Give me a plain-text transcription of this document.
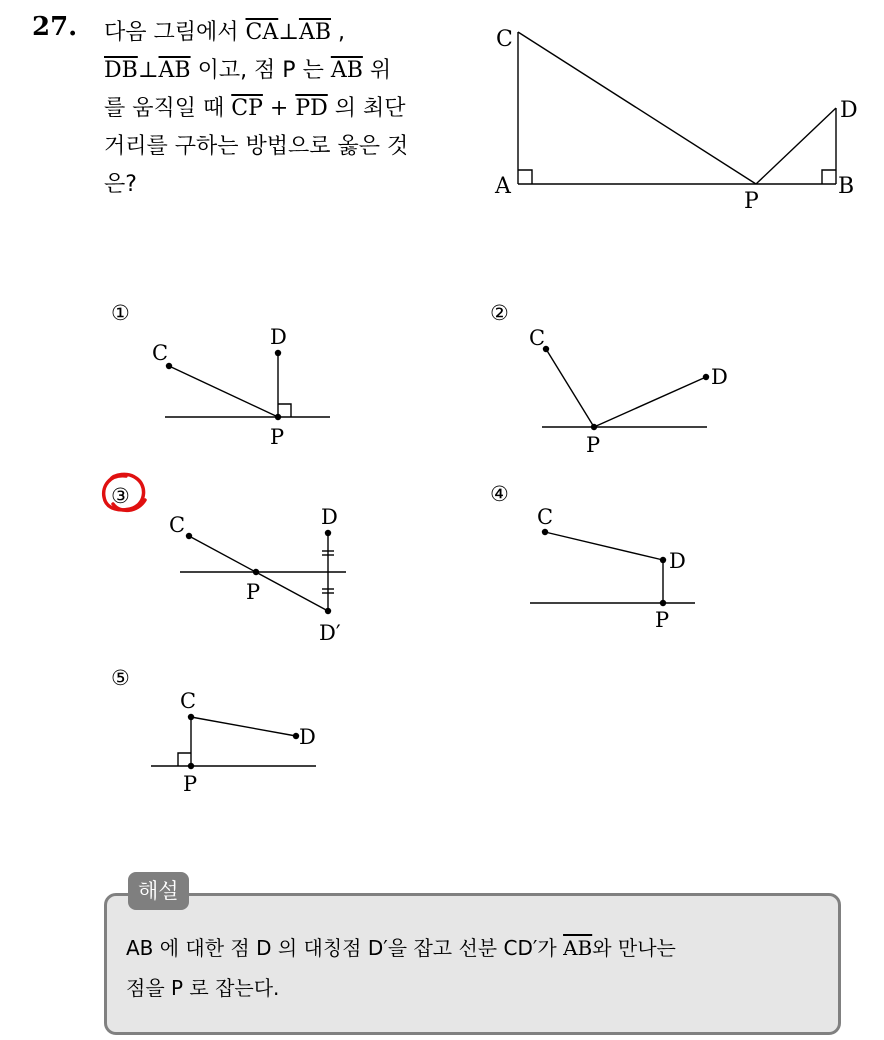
27. 다음 그림에서 $\overline{CA}\perp\overline{AB}$ ,
$\overline{DB}\perp\overline{AB}$ 이고, 점 P 는 $\overline{AB}$ 위
를 움직일 때 $\overline{CP} + \overline{PD}$ 의 최단
거리를 구하는 방법으로 옳은 것
은?
C
A
P
B
D
①
C
D
P
②
C
D
P
③
C	D
P
D′
④
C
D
P
⑤
C
D
P
해설
AB 에 대한 점 D 의 대칭점 D′을 잡고 선분 CD′가 $\overline{AB}$와 만나는
점을 P 로 잡는다.
